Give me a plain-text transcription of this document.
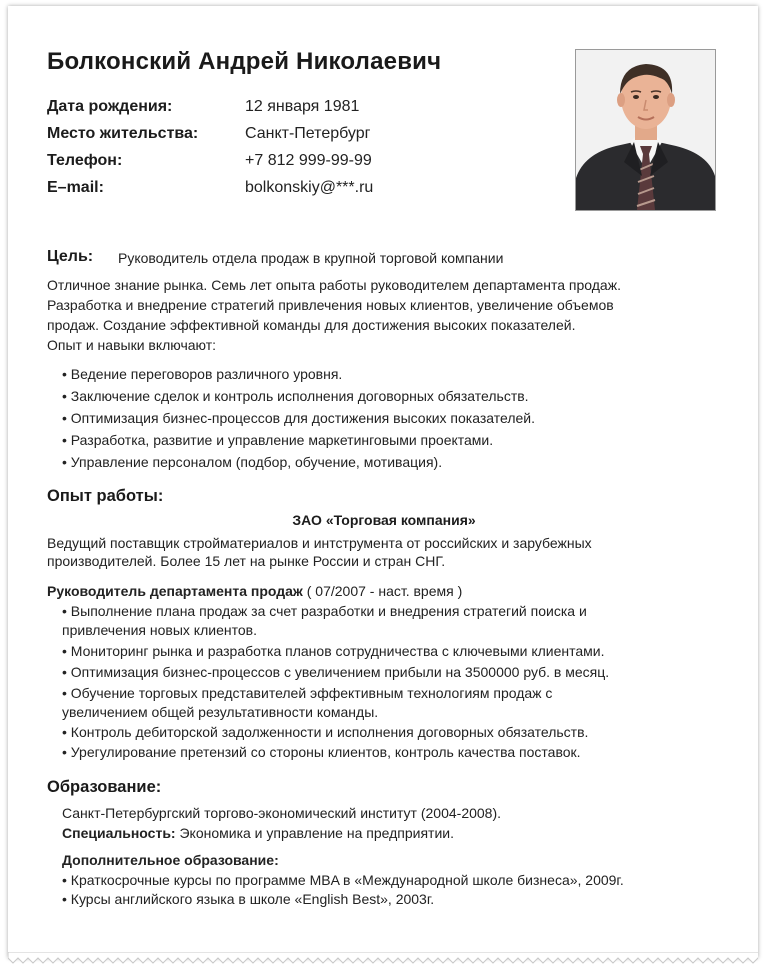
Болконский Андрей Николаевич
Дата рождения:	12 января 1981
Место жительства:	Санкт-Петербург
Телефон:	+7 812 999-99-99
E–mail:	bolkonskiy@***.ru
Цель: Руководитель отдела продаж в крупной торговой компании
Отличное знание рынка. Семь лет опыта работы руководителем департамента продаж.
Разработка и внедрение стратегий привлечения новых клиентов, увеличение объемов
продаж. Создание эффективной команды для достижения высоких показателей.
Опыт и навыки включают:
• Ведение переговоров различного уровня.
• Заключение сделок и контроль исполнения договорных обязательств.
• Оптимизация бизнес-процессов для достижения высоких показателей.
• Разработка, развитие и управление маркетинговыми проектами.
• Управление персоналом (подбор, обучение, мотивация).
Опыт работы:
ЗАО «Торговая компания»
Ведущий поставщик стройматериалов и интструмента от российских и зарубежных
производителей. Более 15 лет на рынке России и стран СНГ.
Руководитель департамента продаж ( 07/2007 - наст. время )
• Выполнение плана продаж за счет разработки и внедрения стратегий поиска и
привлечения новых клиентов.
• Мониторинг рынка и разработка планов сотрудничества с ключевыми клиентами.
• Оптимизация бизнес-процессов с увеличением прибыли на 3500000 руб. в месяц.
• Обучение торговых представителей эффективным технологиям продаж с
увеличением общей результативности команды.
• Контроль дебиторской задолженности и исполнения договорных обязательств.
• Урегулирование претензий со стороны клиентов, контроль качества поставок.
Образование:
Санкт-Петербургский торгово-экономический институт (2004-2008).
Специальность: Экономика и управление на предприятии.
Дополнительное образование:
• Краткосрочные курсы по программе MBA в «Международной школе бизнеса», 2009г.
• Курсы английского языка в школе «English Best», 2003г.
